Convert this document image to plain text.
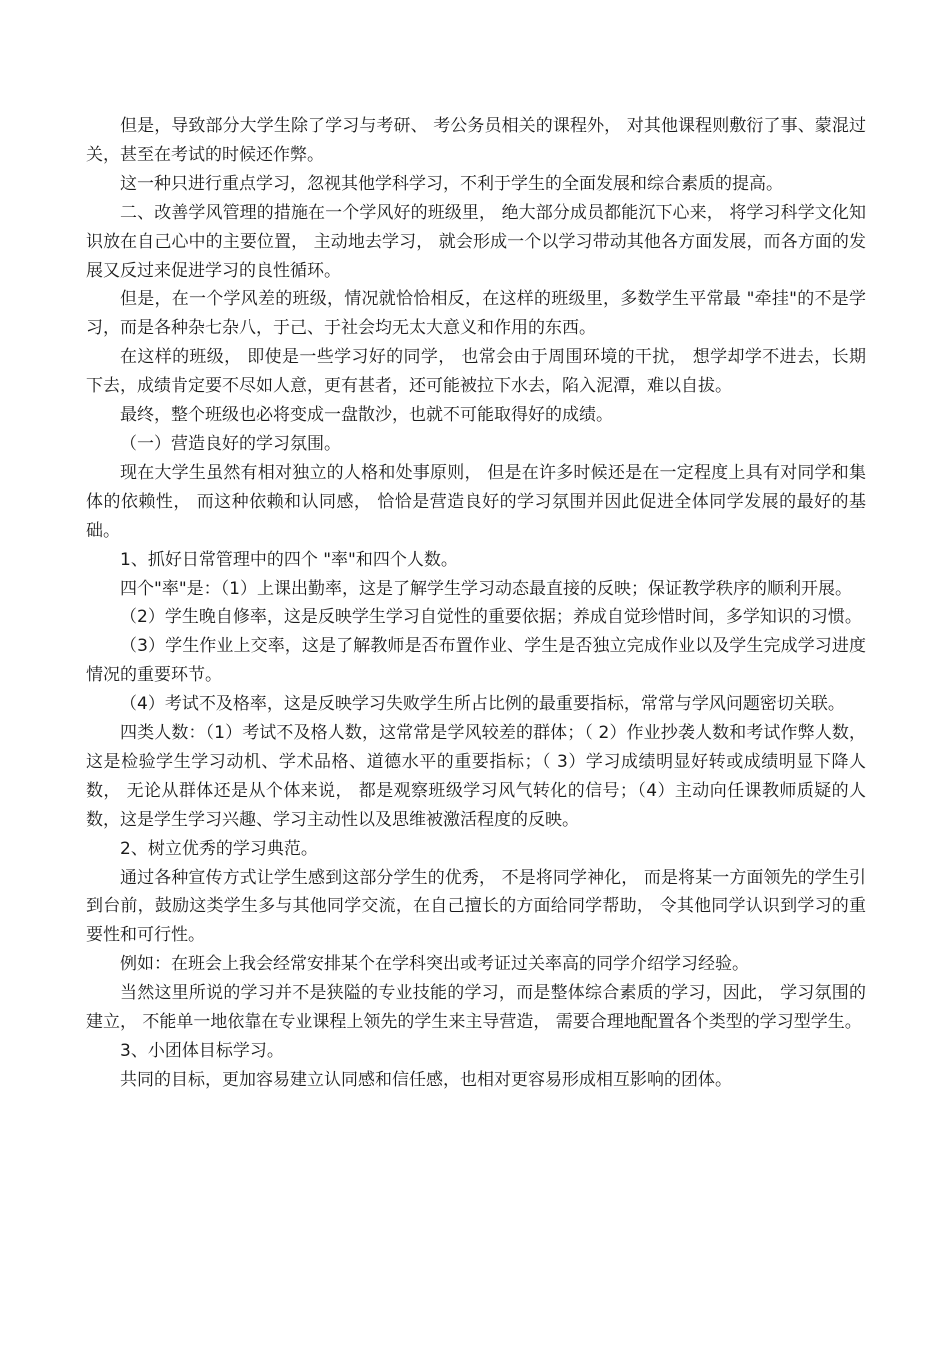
但是，导致部分大学生除了学习与考研、 考公务员相关的课程外， 对其他课程则敷衍了事、蒙混过关，甚至在考试的时候还作弊。

这一种只进行重点学习，忽视其他学科学习，不利于学生的全面发展和综合素质的提高。

二、改善学风管理的措施在一个学风好的班级里， 绝大部分成员都能沉下心来， 将学习科学文化知识放在自己心中的主要位置， 主动地去学习， 就会形成一个以学习带动其他各方面发展，而各方面的发展又反过来促进学习的良性循环。

但是，在一个学风差的班级，情况就恰恰相反，在这样的班级里，多数学生平常最 "牵挂"的不是学习，而是各种杂七杂八，于己、于社会均无太大意义和作用的东西。

在这样的班级， 即使是一些学习好的同学， 也常会由于周围环境的干扰， 想学却学不进去，长期下去，成绩肯定要不尽如人意，更有甚者，还可能被拉下水去，陷入泥潭，难以自拔。

最终，整个班级也必将变成一盘散沙，也就不可能取得好的成绩。

（一）营造良好的学习氛围。

现在大学生虽然有相对独立的人格和处事原则， 但是在许多时候还是在一定程度上具有对同学和集体的依赖性， 而这种依赖和认同感， 恰恰是营造良好的学习氛围并因此促进全体同学发展的最好的基础。

1、抓好日常管理中的四个 "率"和四个人数。

四个"率"是：（1）上课出勤率，这是了解学生学习动态最直接的反映；保证教学秩序的顺利开展。

（2）学生晚自修率，这是反映学生学习自觉性的重要依据；养成自觉珍惜时间，多学知识的习惯。

（3）学生作业上交率，这是了解教师是否布置作业、学生是否独立完成作业以及学生完成学习进度情况的重要环节。

（4）考试不及格率，这是反映学习失败学生所占比例的最重要指标，常常与学风问题密切关联。

四类人数：（1）考试不及格人数，这常常是学风较差的群体；（ 2）作业抄袭人数和考试作弊人数，这是检验学生学习动机、学术品格、道德水平的重要指标；（ 3）学习成绩明显好转或成绩明显下降人数， 无论从群体还是从个体来说， 都是观察班级学习风气转化的信号；（4）主动向任课教师质疑的人数，这是学生学习兴趣、学习主动性以及思维被激活程度的反映。

2、树立优秀的学习典范。

通过各种宣传方式让学生感到这部分学生的优秀， 不是将同学神化， 而是将某一方面领先的学生引到台前，鼓励这类学生多与其他同学交流，在自己擅长的方面给同学帮助， 令其他同学认识到学习的重要性和可行性。

例如：在班会上我会经常安排某个在学科突出或考证过关率高的同学介绍学习经验。

当然这里所说的学习并不是狭隘的专业技能的学习，而是整体综合素质的学习，因此， 学习氛围的建立， 不能单一地依靠在专业课程上领先的学生来主导营造， 需要合理地配置各个类型的学习型学生。

3、小团体目标学习。

共同的目标，更加容易建立认同感和信任感，也相对更容易形成相互影响的团体。
